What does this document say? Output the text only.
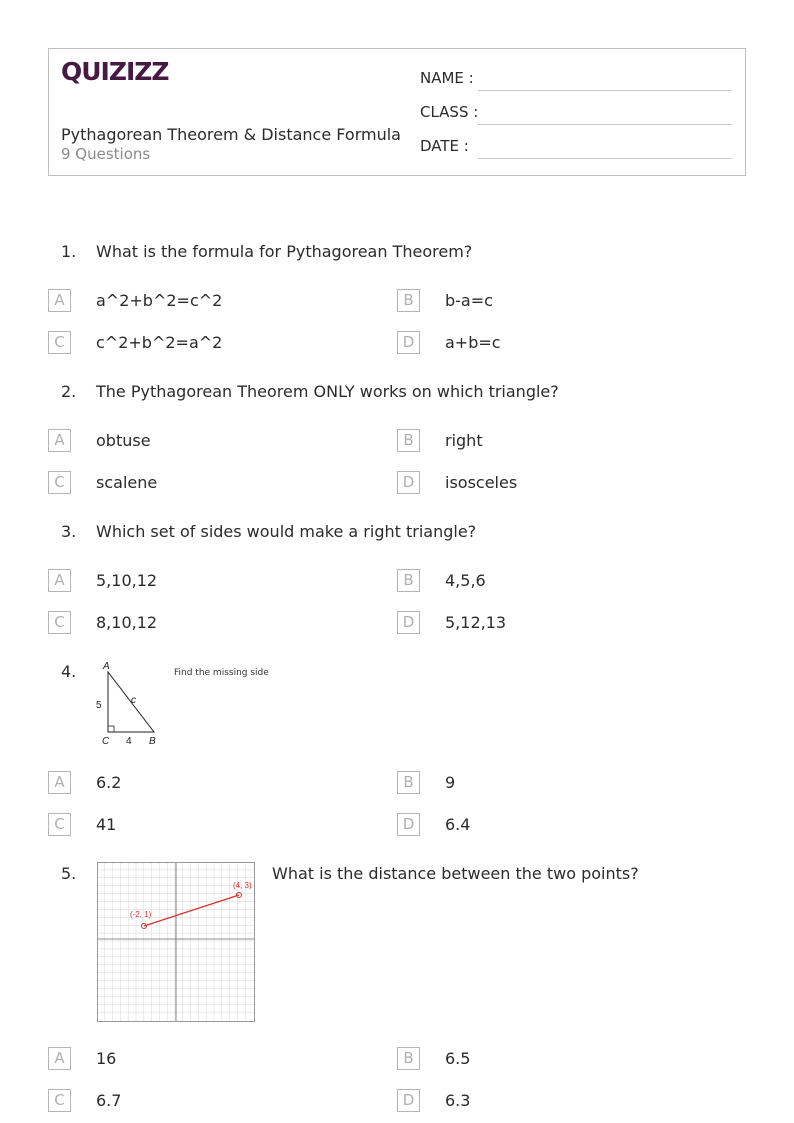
QUIZIZZ
Pythagorean Theorem & Distance Formula
9 Questions
NAME :
CLASS :
DATE :
1. What is the formula for Pythagorean Theorem?
A	a^2+b^2=c^2	B	b-a=c
C	c^2+b^2=a^2	D	a+b=c
2. The Pythagorean Theorem ONLY works on which triangle?
A	obtuse	B	right
C	scalene	D	isosceles
3. Which set of sides would make a right triangle?
A	5,10,12	B	4,5,6
C	8,10,12	D	5,12,13
4.	A
C	B
5
4
c
Find the missing side
A	6.2	B	9
C	41	D	6.4
5.
(-2, 1)
(4, 3)
What is the distance between the two points?
A	16	B	6.5
C	6.7	D	6.3
